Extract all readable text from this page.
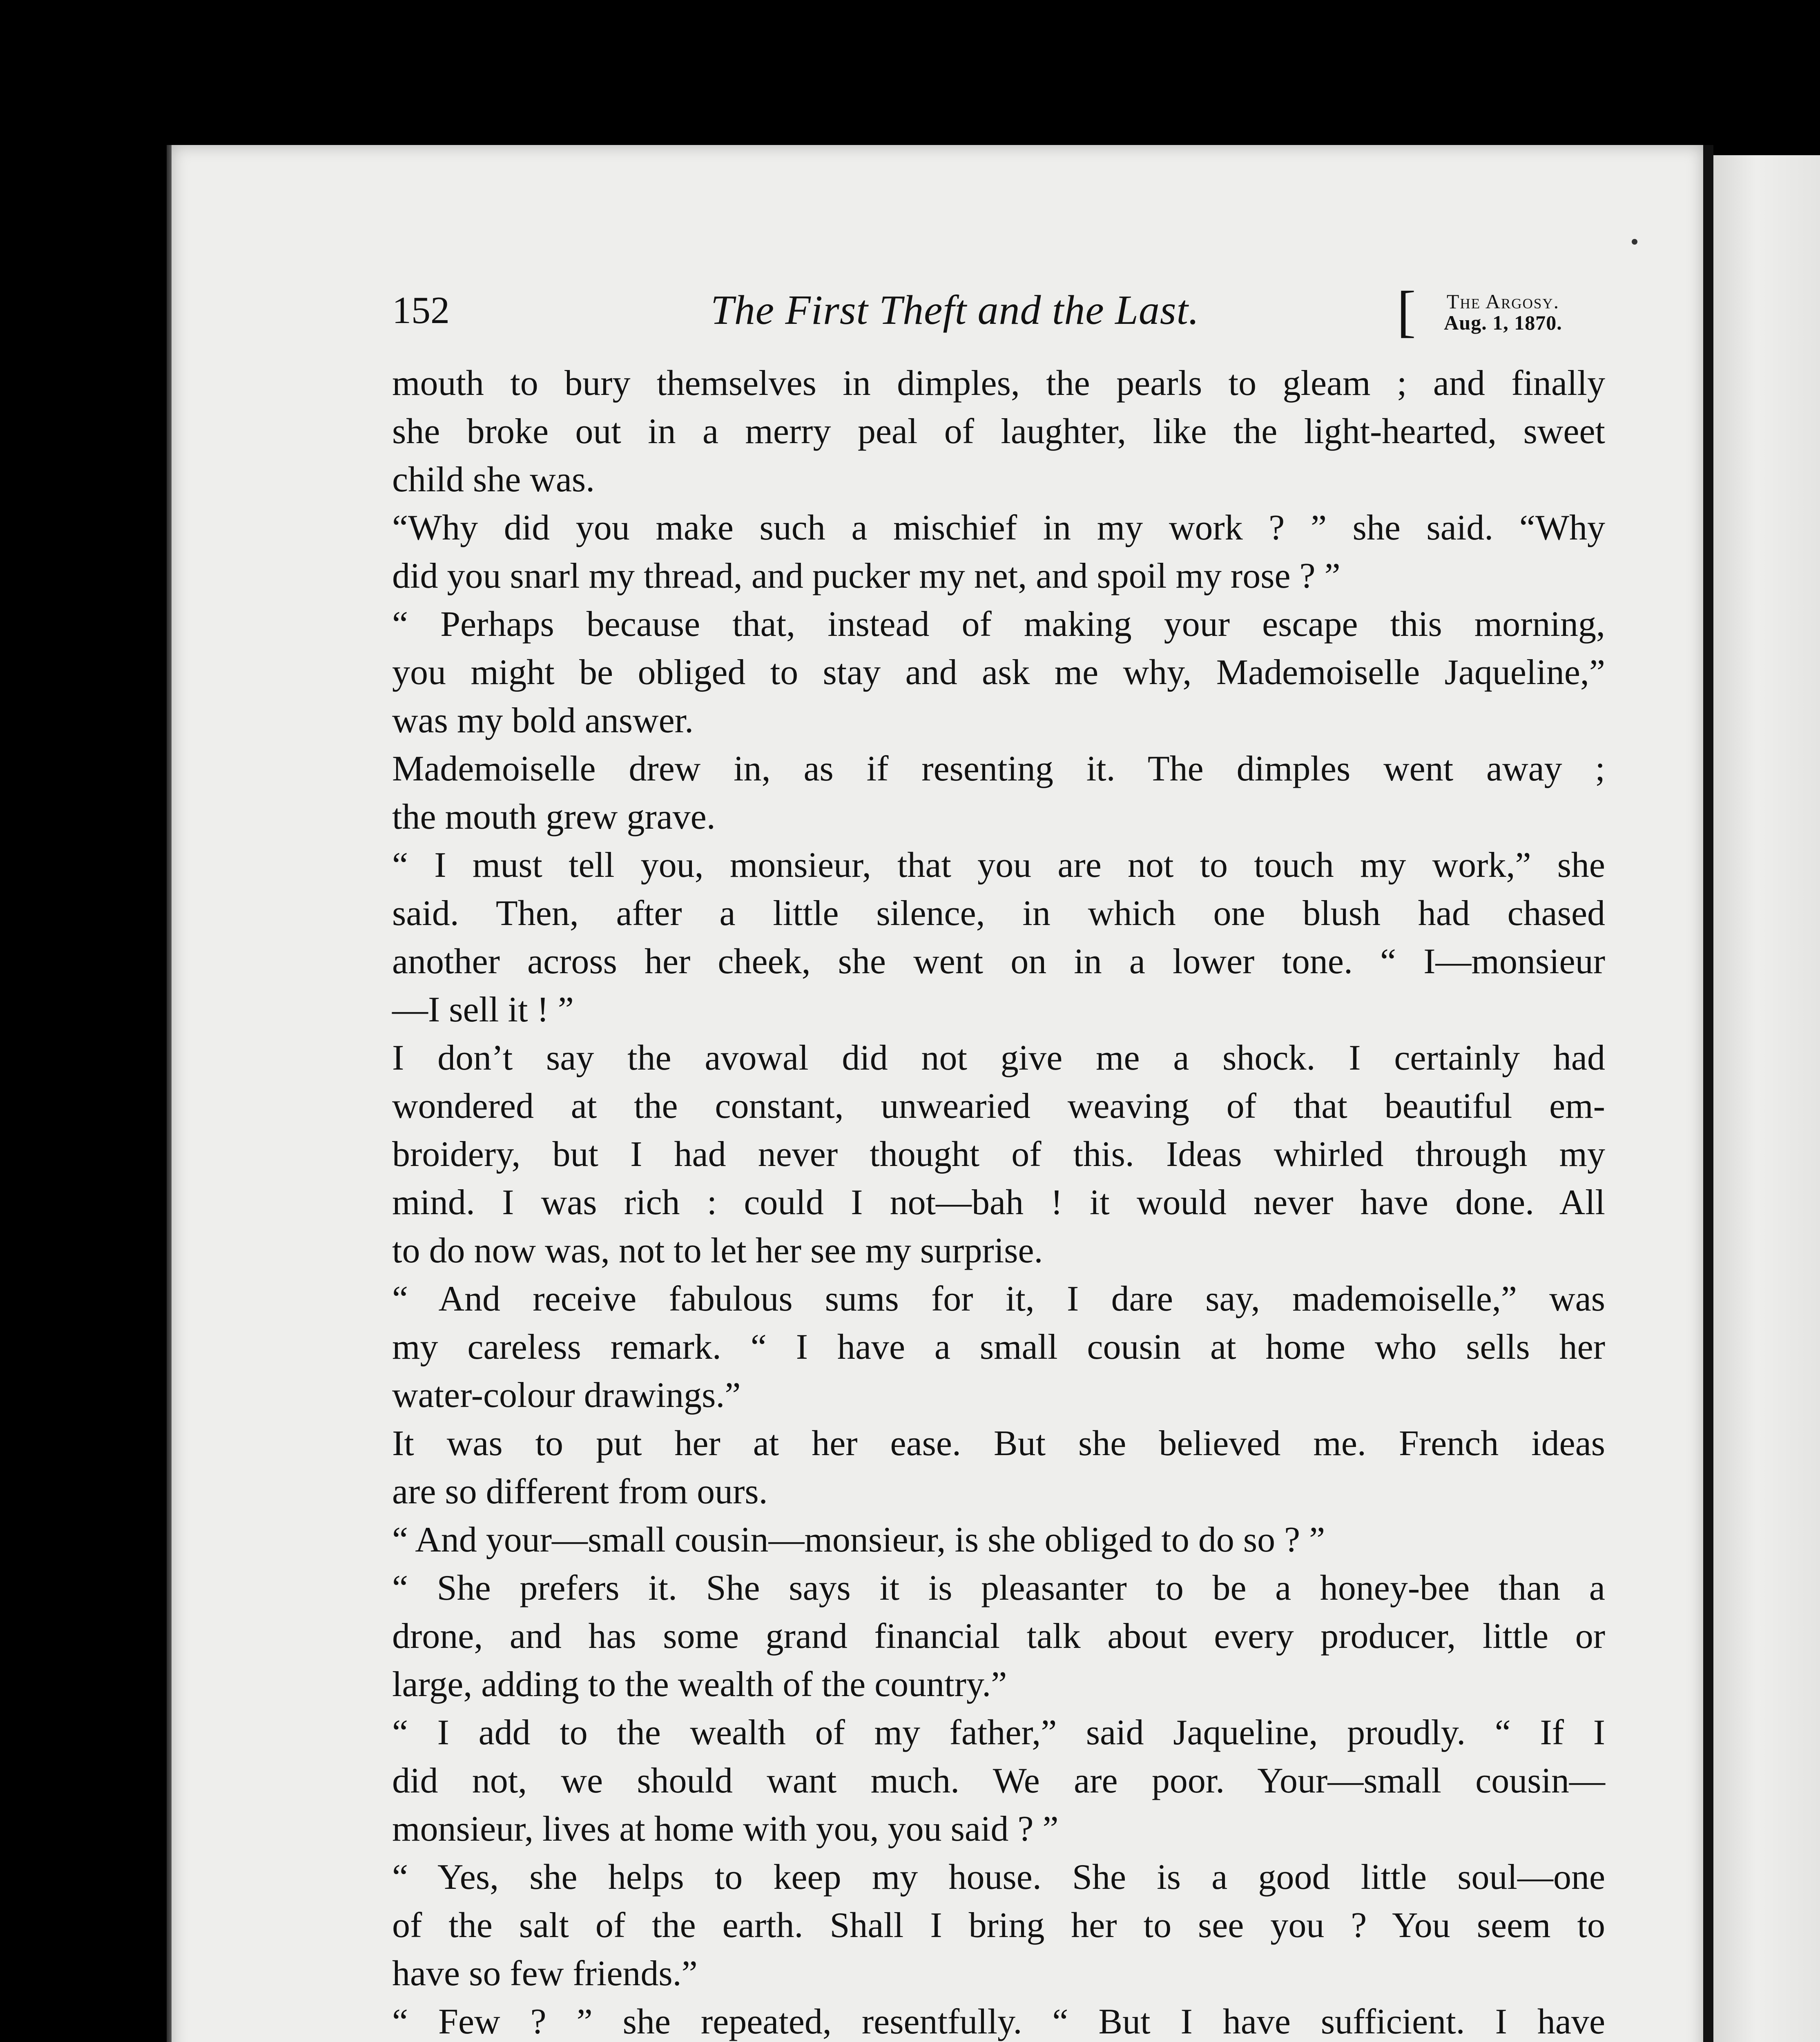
152	The First Theft and the Last.	[	The Argosy.
Aug. 1, 1870.
mouth to bury themselves in dimples, the pearls to gleam ; and finally
she broke out in a merry peal of laughter, like the light-hearted, sweet
child she was.
“Why did you make such a mischief in my work ? ” she said. “Why
did you snarl my thread, and pucker my net, and spoil my rose ? ”
“ Perhaps because that, instead of making your escape this morning,
you might be obliged to stay and ask me why, Mademoiselle Jaqueline,”
was my bold answer.
Mademoiselle drew in, as if resenting it. The dimples went away ;
the mouth grew grave.
“ I must tell you, monsieur, that you are not to touch my work,” she
said. Then, after a little silence, in which one blush had chased
another across her cheek, she went on in a lower tone. “ I—monsieur
—I sell it ! ”
I don’t say the avowal did not give me a shock. I certainly had
wondered at the constant, unwearied weaving of that beautiful em-
broidery, but I had never thought of this. Ideas whirled through my
mind. I was rich : could I not—bah ! it would never have done. All
to do now was, not to let her see my surprise.
“ And receive fabulous sums for it, I dare say, mademoiselle,” was
my careless remark. “ I have a small cousin at home who sells her
water-colour drawings.”
It was to put her at her ease. But she believed me. French ideas
are so different from ours.
“ And your—small cousin—monsieur, is she obliged to do so ? ”
“ She prefers it. She says it is pleasanter to be a honey-bee than a
drone, and has some grand financial talk about every producer, little or
large, adding to the wealth of the country.”
“ I add to the wealth of my father,” said Jaqueline, proudly. “ If I
did not, we should want much. We are poor. Your—small cousin—
monsieur, lives at home with you, you said ? ”
“ Yes, she helps to keep my house. She is a good little soul—one
of the salt of the earth. Shall I bring her to see you ? You seem to
have so few friends.”
“ Few ? ” she repeated, resentfully. “ But I have sufficient. I have
